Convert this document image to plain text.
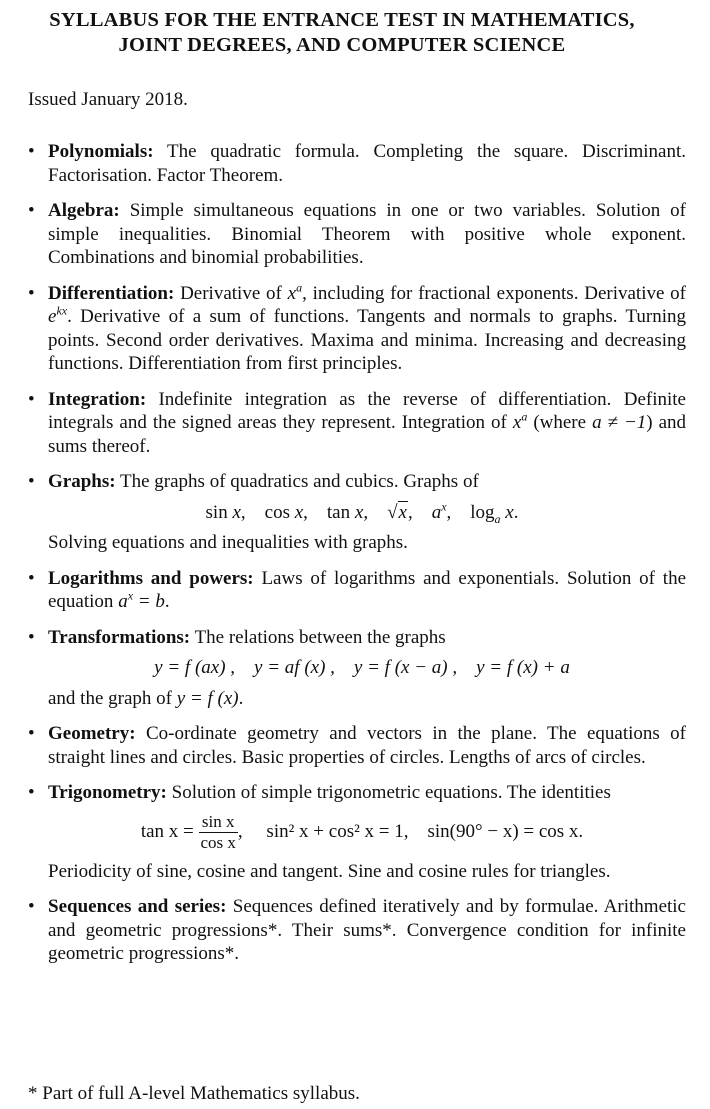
SYLLABUS FOR THE ENTRANCE TEST IN MATHEMATICS,
JOINT DEGREES, AND COMPUTER SCIENCE
Issued January 2018.
• Polynomials: The quadratic formula. Completing the square. Discriminant. Factorisation. Factor Theorem.
• Algebra: Simple simultaneous equations in one or two variables. Solution of simple inequalities. Binomial Theorem with positive whole exponent. Combinations and binomial probabilities.
• Differentiation: Derivative of $x^a$, including for fractional exponents. Derivative of $e^{kx}$. Derivative of a sum of functions. Tangents and normals to graphs. Turning points. Second order derivatives. Maxima and minima. Increasing and decreasing functions. Differentiation from first principles.
• Integration: Indefinite integration as the reverse of differentiation. Definite integrals and the signed areas they represent. Integration of $x^a$ (where a ≠ −1) and sums thereof.
• Graphs: The graphs of quadratics and cubics. Graphs of
sin x, cos x, tan x, √x, $a^x$, $\log_a x$.
Solving equations and inequalities with graphs.
• Logarithms and powers: Laws of logarithms and exponentials. Solution of the equation $a^x = b$.
• Transformations: The relations between the graphs
y = f (ax) , y = af (x) , y = f (x − a) , y = f (x) + a
and the graph of y = f (x).
• Geometry: Co-ordinate geometry and vectors in the plane. The equations of straight lines and circles. Basic properties of circles. Lengths of arcs of circles.
• Trigonometry: Solution of simple trigonometric equations. The identities
$\tan x = \frac{\text{sin x}}{\text{cos x}}$ ,     sin² x + cos² x = 1, sin(90° − x) = cos x.
Periodicity of sine, cosine and tangent. Sine and cosine rules for triangles.
• Sequences and series: Sequences defined iteratively and by formulae. Arithmetic and geometric progressions*. Their sums*. Convergence condition for infinite geometric progressions*.
* Part of full A-level Mathematics syllabus.
